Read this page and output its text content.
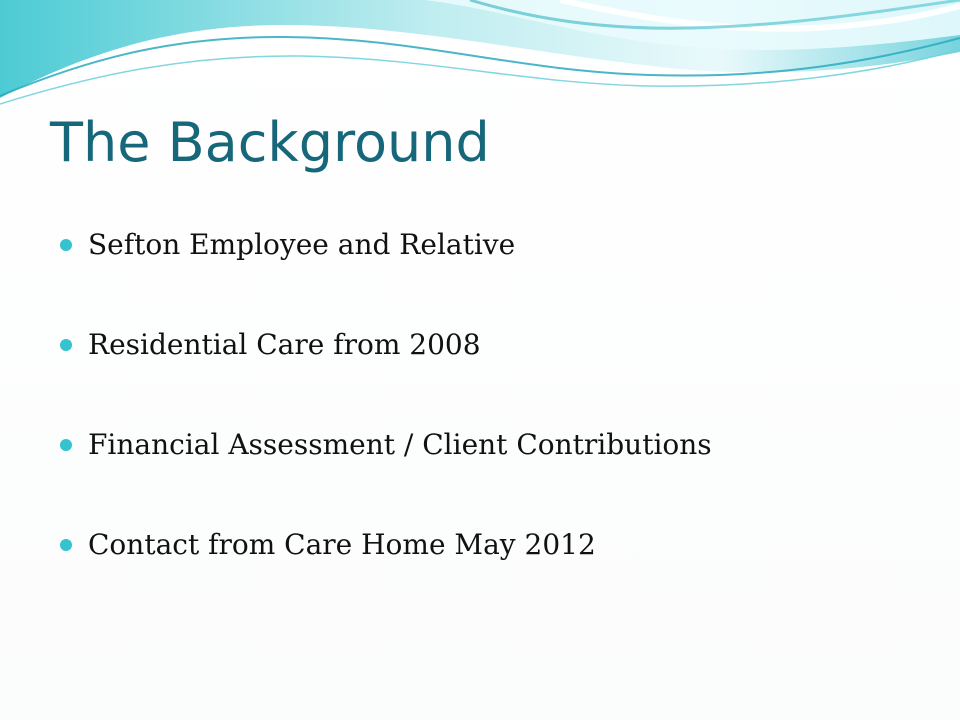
The Background
Sefton Employee and Relative
Residential Care from 2008
Financial Assessment / Client Contributions
Contact from Care Home May 2012
